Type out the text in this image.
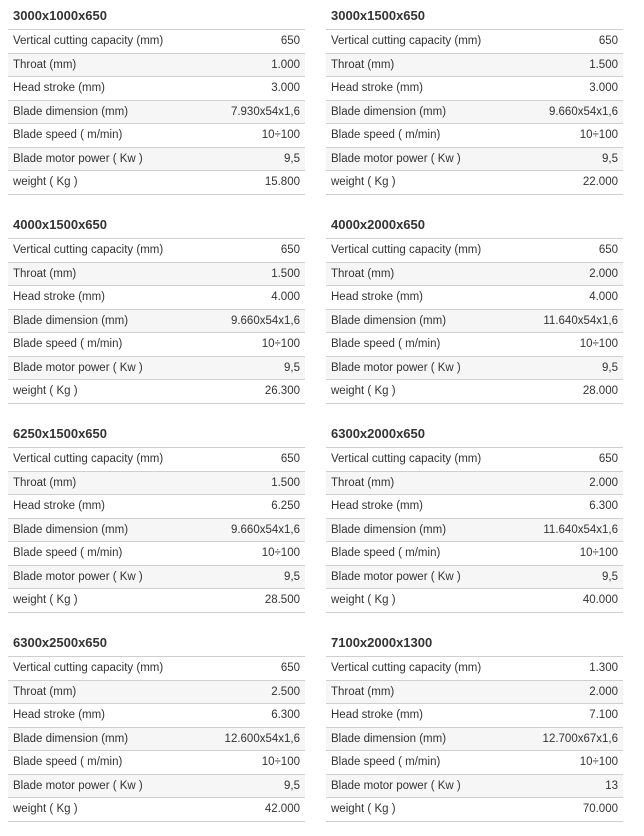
3000x1000x650
Vertical cutting capacity (mm)	650
Throat (mm)	1.000
Head stroke (mm)	3.000
Blade dimension (mm)	7.930x54x1,6
Blade speed ( m/min)	10÷100
Blade motor power ( Kw )	9,5
weight ( Kg )	15.800
3000x1500x650
Vertical cutting capacity (mm)	650
Throat (mm)	1.500
Head stroke (mm)	3.000
Blade dimension (mm)	9.660x54x1,6
Blade speed ( m/min)	10÷100
Blade motor power ( Kw )	9,5
weight ( Kg )	22.000
4000x1500x650
Vertical cutting capacity (mm)	650
Throat (mm)	1.500
Head stroke (mm)	4.000
Blade dimension (mm)	9.660x54x1,6
Blade speed ( m/min)	10÷100
Blade motor power ( Kw )	9,5
weight ( Kg )	26.300
4000x2000x650
Vertical cutting capacity (mm)	650
Throat (mm)	2.000
Head stroke (mm)	4.000
Blade dimension (mm)	11.640x54x1,6
Blade speed ( m/min)	10÷100
Blade motor power ( Kw )	9,5
weight ( Kg )	28.000
6250x1500x650
Vertical cutting capacity (mm)	650
Throat (mm)	1.500
Head stroke (mm)	6.250
Blade dimension (mm)	9.660x54x1,6
Blade speed ( m/min)	10÷100
Blade motor power ( Kw )	9,5
weight ( Kg )	28.500
6300x2000x650
Vertical cutting capacity (mm)	650
Throat (mm)	2.000
Head stroke (mm)	6.300
Blade dimension (mm)	11.640x54x1,6
Blade speed ( m/min)	10÷100
Blade motor power ( Kw )	9,5
weight ( Kg )	40.000
6300x2500x650
Vertical cutting capacity (mm)	650
Throat (mm)	2.500
Head stroke (mm)	6.300
Blade dimension (mm)	12.600x54x1,6
Blade speed ( m/min)	10÷100
Blade motor power ( Kw )	9,5
weight ( Kg )	42.000
7100x2000x1300
Vertical cutting capacity (mm)	1.300
Throat (mm)	2.000
Head stroke (mm)	7.100
Blade dimension (mm)	12.700x67x1,6
Blade speed ( m/min)	10÷100
Blade motor power ( Kw )	13
weight ( Kg )	70.000
